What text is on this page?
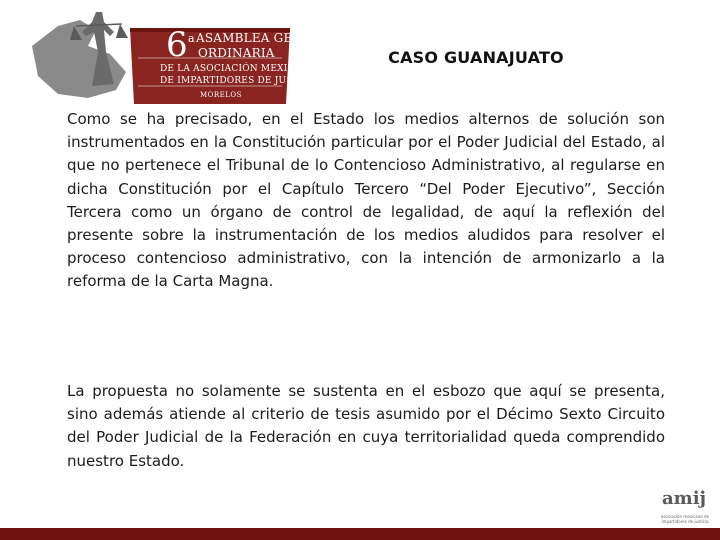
6 a ASAMBLEA GENERAL
ORDINARIA
DE LA ASOCIACIÓN MEXICANA
DE IMPARTIDORES DE JUSTICIA
MORELOS
CASO GUANAJUATO

Como se ha precisado, en el Estado los medios alternos de solución son instrumentados en la Constitución particular por el Poder Judicial del Estado, al que no pertenece el Tribunal de lo Contencioso Administrativo, al regularse en dicha Constitución por el Capítulo Tercero “Del Poder Ejecutivo”, Sección Tercera como un órgano de control de legalidad, de aquí la reflexión del presente sobre la instrumentación de los medios aludidos para resolver el proceso contencioso administrativo, con la intención de armonizarlo a la reforma de la Carta Magna.

La propuesta no solamente se sustenta en el esbozo que aquí se presenta, sino además atiende al criterio de tesis asumido por el Décimo Sexto Circuito del Poder Judicial de la Federación en cuya territorialidad queda comprendido nuestro Estado.

amij
asociación mexicana de impartidores de justicia
